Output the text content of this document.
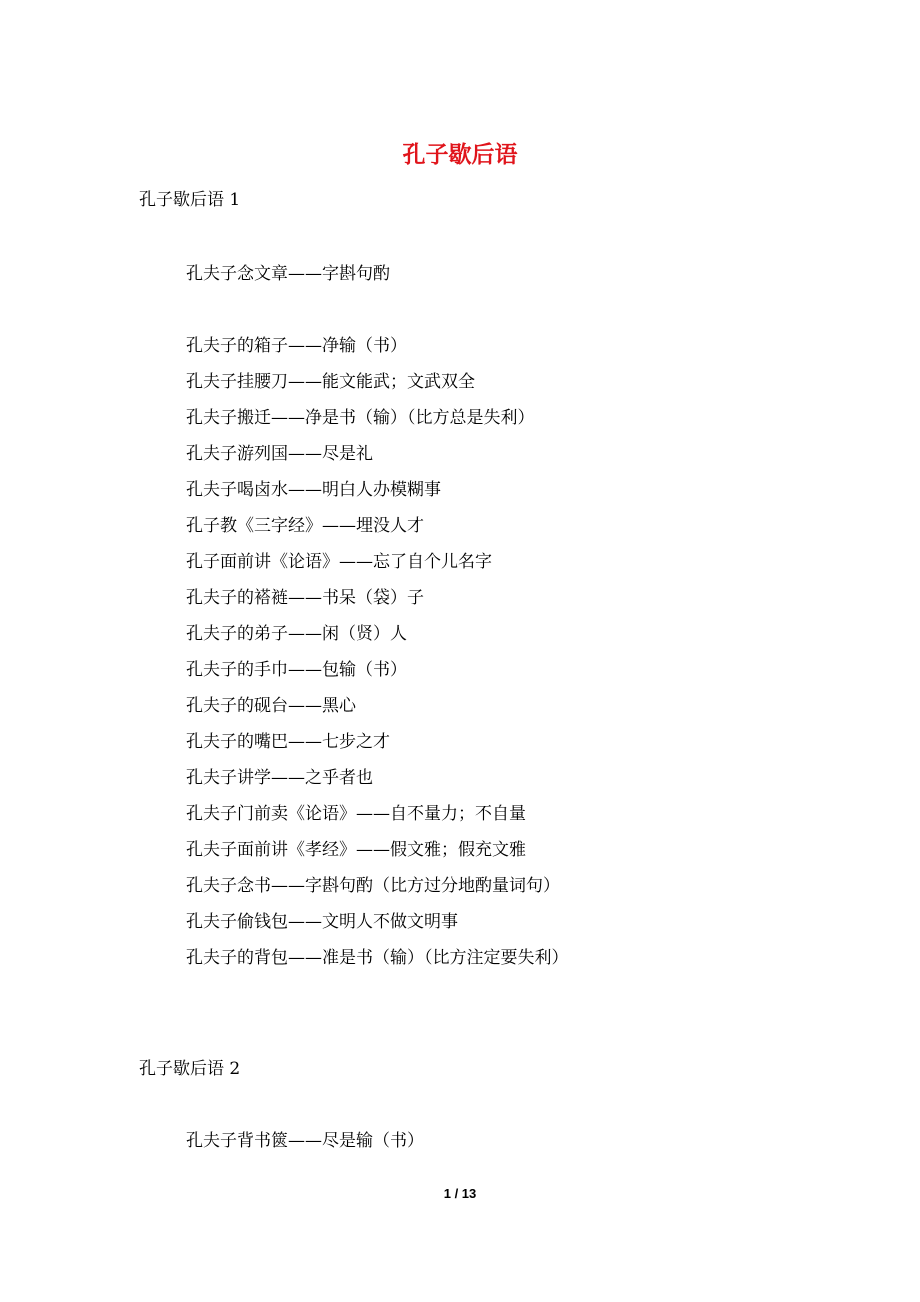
孔子歇后语
孔子歇后语 1
孔夫子念文章——字斟句酌
孔夫子的箱子——净输（书）
孔夫子挂腰刀——能文能武；文武双全
孔夫子搬迁——净是书（输）（比方总是失利）
孔夫子游列国——尽是礼
孔夫子喝卤水——明白人办模糊事
孔子教《三字经》——埋没人才
孔子面前讲《论语》——忘了自个儿名字
孔夫子的褡裢——书呆（袋）子
孔夫子的弟子——闲（贤）人
孔夫子的手巾——包输（书）
孔夫子的砚台——黑心
孔夫子的嘴巴——七步之才
孔夫子讲学——之乎者也
孔夫子门前卖《论语》——自不量力；不自量
孔夫子面前讲《孝经》——假文雅；假充文雅
孔夫子念书——字斟句酌（比方过分地酌量词句）
孔夫子偷钱包——文明人不做文明事
孔夫子的背包——准是书（输）（比方注定要失利）
孔子歇后语 2
孔夫子背书篋——尽是输（书）
1 / 13
